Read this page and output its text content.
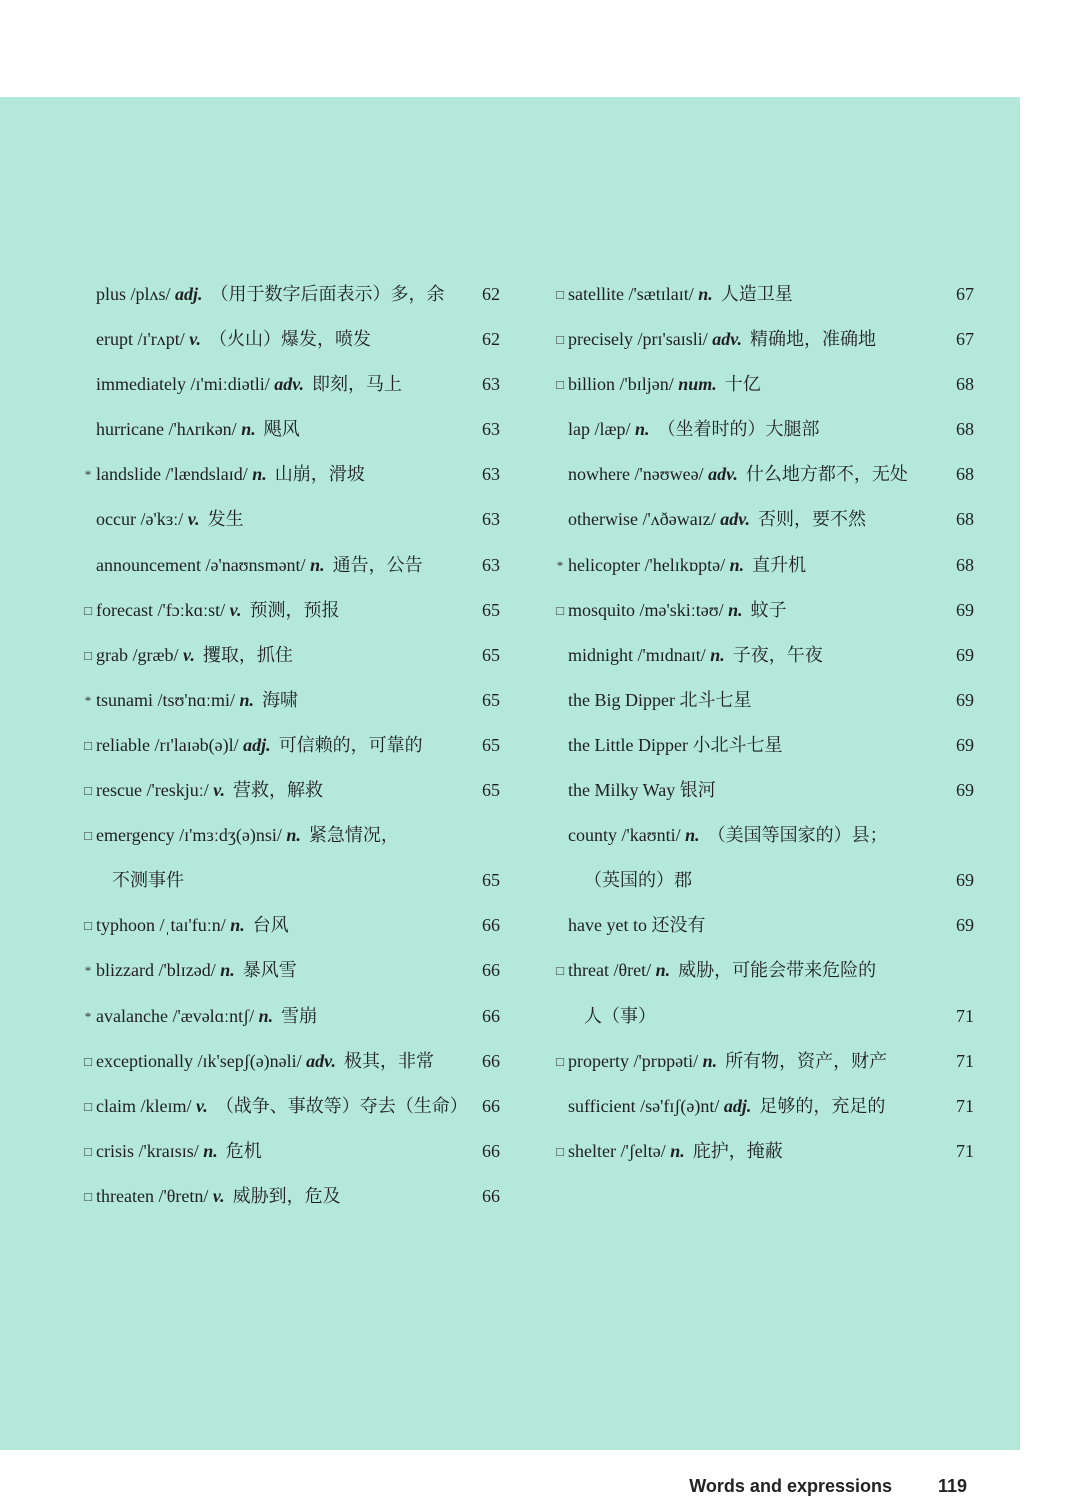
plus /plʌs/ adj. （用于数字后面表示）多，余 62
erupt /ɪ'rʌpt/ v. （火山）爆发，喷发	62
immediately /ɪ'miːdiətli/ adv. 即刻，马上	63
hurricane /'hʌrɪkən/ n. 飓风	63
* landslide /'lændslaɪd/ n. 山崩，滑坡	63
occur /ə'kɜː/ v. 发生	63
announcement /ə'naʊnsmənt/ n. 通告，公告	63
□ forecast /'fɔːkɑːst/ v. 预测，预报	65
□ grab /græb/ v. 攫取，抓住	65
* tsunami /tsʊ'nɑːmi/ n. 海啸	65
□ reliable /rɪ'laɪəb(ə)l/ adj. 可信赖的，可靠的	65
□ rescue /'reskjuː/ v. 营救，解救	65
□ emergency /ɪ'mɜːdʒ(ə)nsi/ n. 紧急情况，
不测事件	65
□ typhoon /ˌtaɪ'fuːn/ n. 台风	66
* blizzard /'blɪzəd/ n. 暴风雪	66
* avalanche /'ævəlɑːntʃ/ n. 雪崩	66
□ exceptionally /ɪk'sepʃ(ə)nəli/ adv. 极其，非常	66
□ claim /kleɪm/ v. （战争、事故等）夺去（生命） 66
□ crisis /'kraɪsɪs/ n. 危机	66
□ threaten /'θretn/ v. 威胁到，危及	66
□ satellite /'sætɪlaɪt/ n. 人造卫星	67
□ precisely /prɪ'saɪsli/ adv. 精确地，准确地	67
□ billion /'bɪljən/ num. 十亿	68
lap /læp/ n. （坐着时的）大腿部	68
nowhere /'nəʊweə/ adv. 什么地方都不，无处	68
otherwise /'ʌðəwaɪz/ adv. 否则，要不然	68
* helicopter /'helɪkɒptə/ n. 直升机	68
□ mosquito /mə'skiːtəʊ/ n. 蚊子	69
midnight /'mɪdnaɪt/ n. 子夜，午夜	69
the Big Dipper 北斗七星	69
the Little Dipper 小北斗七星	69
the Milky Way 银河	69
county /'kaʊnti/ n. （美国等国家的）县；
（英国的）郡	69
have yet to 还没有	69
□ threat /θret/ n. 威胁，可能会带来危险的
人（事）	71
□ property /'prɒpəti/ n. 所有物，资产，财产	71
sufficient /sə'fɪʃ(ə)nt/ adj. 足够的，充足的	71
□ shelter /'ʃeltə/ n. 庇护，掩蔽	71
Words and expressions	119
